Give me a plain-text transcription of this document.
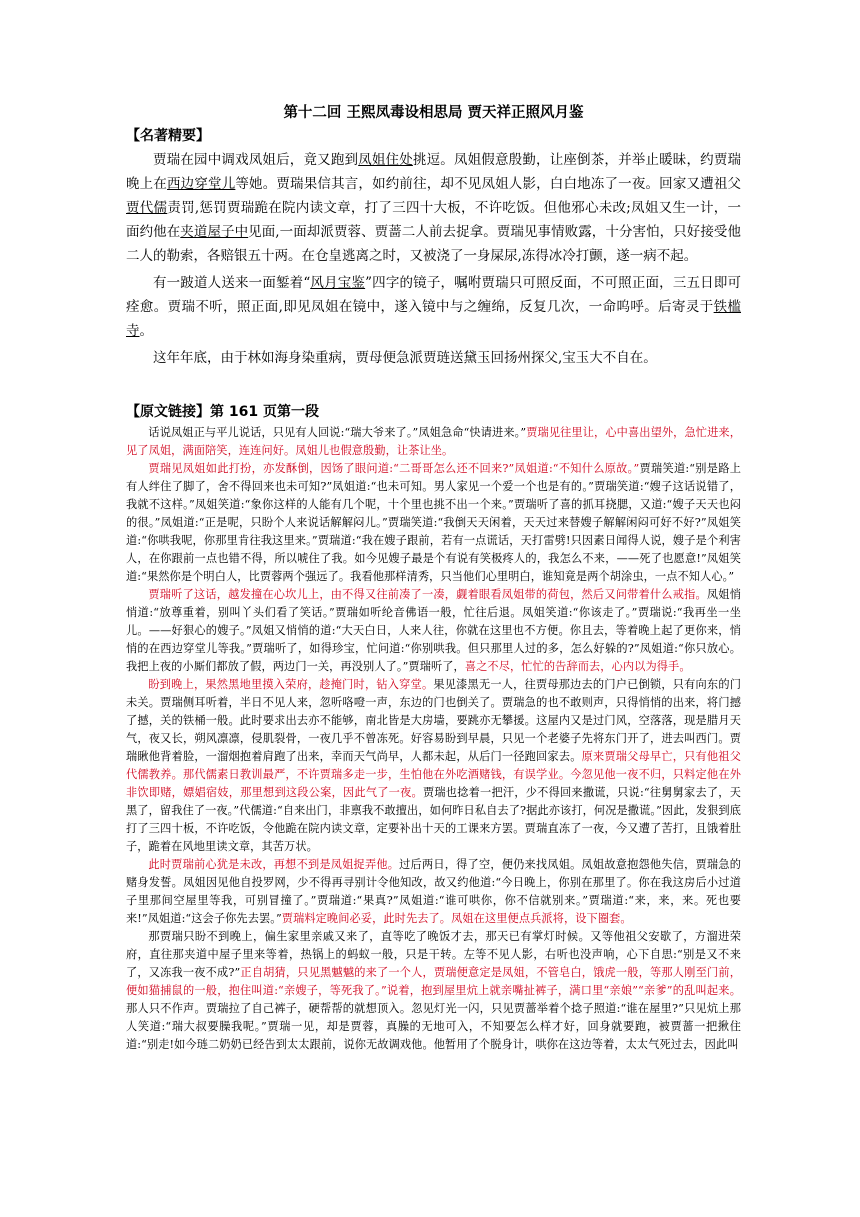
第十二回 王熙凤毒设相思局 贾天祥正照风月鉴
【名著精要】

贾瑞在园中调戏凤姐后，竟又跑到凤姐住处挑逗。凤姐假意殷勤，让座倒茶，并举止暖昧，约贾瑞晚上在西边穿堂儿等她。贾瑞果信其言，如约前往，却不见凤姐人影，白白地冻了一夜。回家又遭祖父贾代儒责罚,惩罚贾瑞跪在院内读文章，打了三四十大板，不许吃饭。但他邪心未改;凤姐又生一计，一面约他在夹道屋子中见面,一面却派贾蓉、贾蔷二人前去捉拿。贾瑞见事情败露，十分害怕，只好接受他二人的勒索，各赔银五十两。在仓皇逃离之时，又被浇了一身屎尿,冻得冰冷打颤，遂一病不起。

有一跛道人送来一面錾着“风月宝鉴”四字的镜子，嘱咐贾瑞只可照反面，不可照正面，三五日即可痊愈。贾瑞不听，照正面,即见凤姐在镜中，遂入镜中与之缠绵，反复几次，一命呜呼。后寄灵于铁槛寺。

这年年底，由于林如海身染重病，贾母便急派贾琏送黛玉回扬州探父,宝玉大不自在。

【原文链接】第 161 页第一段

话说凤姐正与平儿说话，只见有人回说:“瑞大爷来了。”凤姐急命“快请进来。”贾瑞见往里让，心中喜出望外，急忙进来，见了凤姐，满面陪笑，连连问好。凤姐儿也假意殷勤，让茶让坐。

贾瑞见凤姐如此打扮，亦发酥倒，因饧了眼问道:“二哥哥怎么还不回来?”凤姐道:“不知什么原故。”贾瑞笑道:“别是路上有人绊住了脚了，舍不得回来也未可知?”凤姐道:“也未可知。男人家见一个爱一个也是有的。”贾瑞笑道:“嫂子这话说错了，我就不这样。”凤姐笑道:“象你这样的人能有几个呢，十个里也挑不出一个来。”贾瑞听了喜的抓耳挠腮，又道:“嫂子天天也闷的很。”凤姐道:“正是呢，只盼个人来说话解解闷儿。”贾瑞笑道:“我倒天天闲着，天天过来替嫂子解解闲闷可好不好?”凤姐笑道:“你哄我呢，你那里肯往我这里来。”贾瑞道:“我在嫂子跟前，若有一点谎话，天打雷劈!只因素日闻得人说，嫂子是个利害人，在你跟前一点也错不得，所以唬住了我。如今见嫂子最是个有说有笑极疼人的，我怎么不来，——死了也愿意!”凤姐笑道:“果然你是个明白人，比贾蓉两个强远了。我看他那样清秀，只当他们心里明白，谁知竟是两个胡涂虫，一点不知人心。”

贾瑞听了这话，越发撞在心坎儿上，由不得又往前凑了一凑，觑着眼看凤姐带的荷包，然后又问带着什么戒指。凤姐悄悄道:“放尊重着，别叫丫头们看了笑话。”贾瑞如听纶音佛语一般，忙往后退。凤姐笑道:“你该走了。”贾瑞说:“我再坐一坐儿。——好狠心的嫂子。”凤姐又悄悄的道:“大天白日，人来人往，你就在这里也不方便。你且去，等着晚上起了更你来，悄悄的在西边穿堂儿等我。”贾瑞听了，如得珍宝，忙问道:“你别哄我。但只那里人过的多，怎么好躲的?”凤姐道:“你只放心。我把上夜的小厮们都放了假，两边门一关，再没别人了。”贾瑞听了，喜之不尽，忙忙的告辞而去，心内以为得手。

盼到晚上，果然黑地里摸入荣府，趁掩门时，钻入穿堂。果见漆黑无一人，往贾母那边去的门户已倒锁，只有向东的门未关。贾瑞侧耳听着，半日不见人来，忽听咯噔一声，东边的门也倒关了。贾瑞急的也不敢则声，只得悄悄的出来，将门撼了撼，关的铁桶一般。此时要求出去亦不能够，南北皆是大房墙，要跳亦无攀援。这屋内又是过门风，空落落，现是腊月天气，夜又长，朔风凛凛，侵肌裂骨，一夜几乎不曾冻死。好容易盼到早晨，只见一个老婆子先将东门开了，进去叫西门。贾瑞瞅他背着脸，一溜烟抱着肩跑了出来，幸而天气尚早，人都未起，从后门一径跑回家去。原来贾瑞父母早亡，只有他祖父代儒教养。那代儒素日教训最严，不许贾瑞多走一步，生怕他在外吃酒赌钱，有误学业。今忽见他一夜不归，只料定他在外非饮即赌，嫖娼宿妓，那里想到这段公案，因此气了一夜。贾瑞也捻着一把汗，少不得回来撒谎，只说:“往舅舅家去了，天黑了，留我住了一夜。”代儒道:“自来出门，非禀我不敢擅出，如何昨日私自去了?据此亦该打，何况是撒谎。”因此，发狠到底打了三四十板，不许吃饭，令他跪在院内读文章，定要补出十天的工课来方罢。贾瑞直冻了一夜，今又遭了苦打，且饿着肚子，跪着在风地里读文章，其苦万状。

此时贾瑞前心犹是未改，再想不到是凤姐捉弄他。过后两日，得了空，便仍来找凤姐。凤姐故意抱怨他失信，贾瑞急的赌身发誓。凤姐因见他自投罗网，少不得再寻别计令他知改，故又约他道:“今日晚上，你别在那里了。你在我这房后小过道子里那间空屋里等我，可别冒撞了。”贾瑞道:“果真?”凤姐道:“谁可哄你，你不信就别来。”贾瑞道:“来，来，来。死也要来!”凤姐道:“这会子你先去罢。”贾瑞料定晚间必妥，此时先去了。凤姐在这里便点兵派将，设下圈套。

那贾瑞只盼不到晚上，偏生家里亲戚又来了，直等吃了晚饭才去，那天已有掌灯时候。又等他祖父安歇了，方溜进荣府，直往那夹道中屋子里来等着，热锅上的蚂蚁一般，只是干转。左等不见人影，右听也没声响，心下自思:“别是又不来了，又冻我一夜不成?”正自胡猜，只见黑魆魆的来了一个人，贾瑞便意定是凤姐，不管皂白，饿虎一般，等那人刚至门前，便如猫捕鼠的一般，抱住叫道:“亲嫂子，等死我了。”说着，抱到屋里炕上就亲嘴扯裤子，满口里“亲娘”“亲爹”的乱叫起来。那人只不作声。贾瑞拉了自己裤子，硬帮帮的就想顶入。忽见灯光一闪，只见贾蔷举着个捻子照道:“谁在屋里?”只见炕上那人笑道:“瑞大叔要臊我呢。”贾瑞一见，却是贾蓉，真臊的无地可入，不知要怎么样才好，回身就要跑，被贾蔷一把揪住道:“别走!如今琏二奶奶已经告到太太跟前，说你无故调戏他。他暂用了个脱身计，哄你在这边等着，太太气死过去，因此叫
